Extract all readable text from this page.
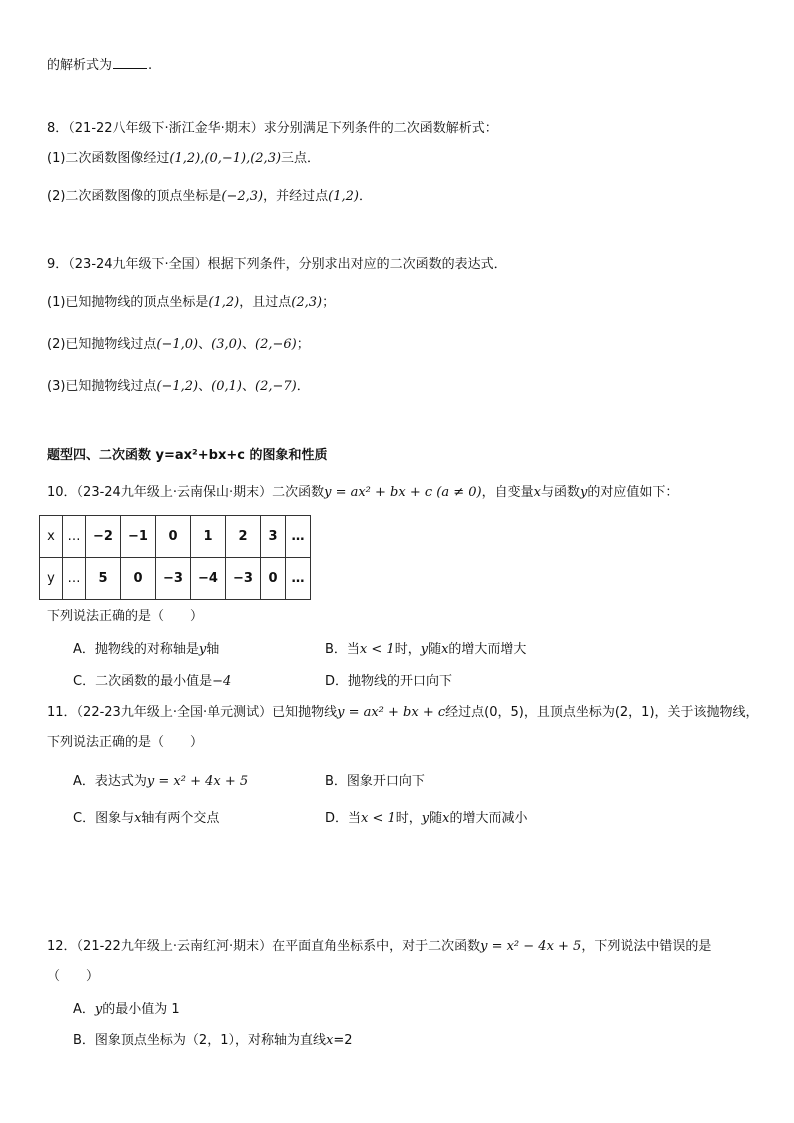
的解析式为	.
8．（21-22八年级下·浙江金华·期末）求分别满足下列条件的二次函数解析式：
(1)二次函数图像经过(1,2),(0,−1),(2,3)三点．
(2)二次函数图像的顶点坐标是(−2,3)，并经过点(1,2)．
9．（23-24九年级下·全国）根据下列条件，分别求出对应的二次函数的表达式．
(1)已知抛物线的顶点坐标是(1,2)，且过点(2,3)；
(2)已知抛物线过点(−1,0)、(3,0)、(2,−6)；
(3)已知抛物线过点(−1,2)、(0,1)、(2,−7)．
题型四、二次函数 y=ax²+bx+c 的图象和性质
10．（23-24九年级上·云南保山·期末）二次函数y = ax² + bx + c (a ≠ 0)，自变量x与函数y的对应值如下：
x	…	−2	−1	0	1	2	3	…
y	…	5	0	−3	−4	−3	0	…
下列说法正确的是（　　）
A．抛物线的对称轴是y轴	B．当x < 1时，y随x的增大而增大
C．二次函数的最小值是−4	D．抛物线的开口向下
11．（22-23九年级上·全国·单元测试）已知抛物线y = ax² + bx + c经过点(0，5)，且顶点坐标为(2，1)，关于该抛物线，
下列说法正确的是（　　）
A．表达式为y = x² + 4x + 5	B．图象开口向下
C．图象与x轴有两个交点	D．当x < 1时，y随x的增大而减小
12．（21-22九年级上·云南红河·期末）在平面直角坐标系中，对于二次函数y = x² − 4x + 5，下列说法中错误的是
（　　）
A．y的最小值为 1
B．图象顶点坐标为（2，1），对称轴为直线x=2
